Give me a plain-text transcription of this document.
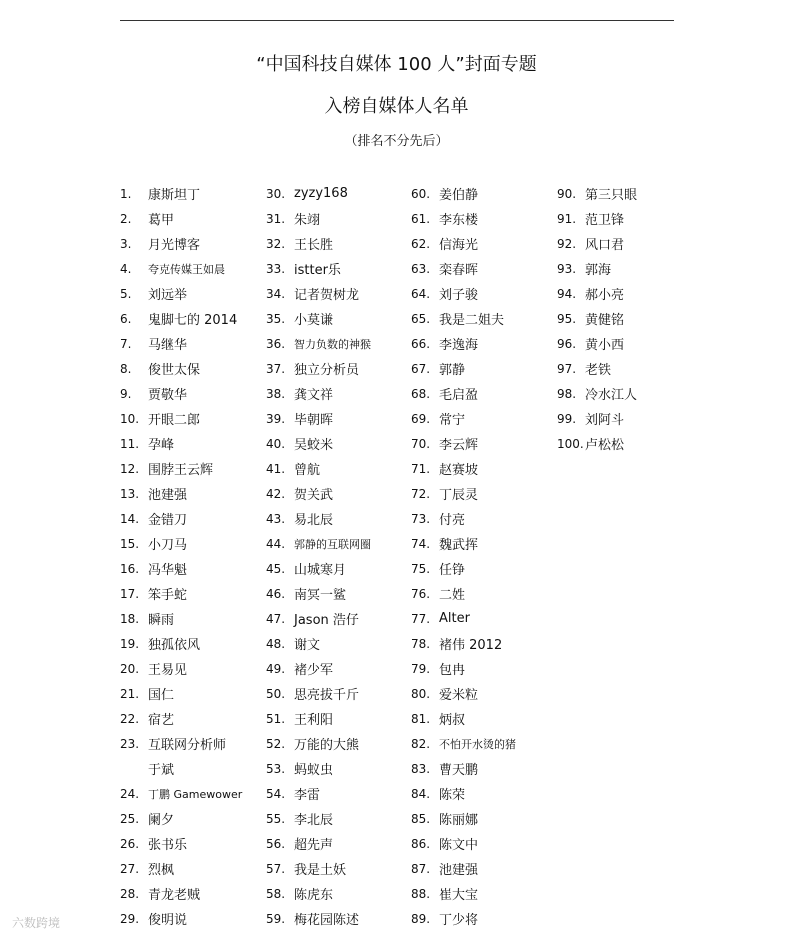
“中国科技自媒体 100 人”封面专题
入榜自媒体人名单
（排名不分先后）
1.	康斯坦丁
2.	葛甲
3.	月光博客
4.	夸克传媒王如晨
5.	刘远举
6.	鬼脚七的 2014
7.	马继华
8.	俊世太保
9.	贾敬华
10. 开眼二郎
11. 孕峰
12. 围脖王云辉
13. 池建强
14. 金错刀
15. 小刀马
16. 冯华魁
17. 笨手蛇
18. 瞬雨
19. 独孤依风
20. 王易见
21. 国仁
22. 宿艺
23. 互联网分析师
于斌
24. 丁鹏 Gamewower
25. 阑夕
26. 张书乐
27. 烈枫
28. 青龙老贼
29. 俊明说
30. zyzy168
31. 朱翊
32. 王长胜
33. istter乐
34. 记者贺树龙
35. 小莫谦
36. 智力负数的神猴
37. 独立分析员
38. 龚文祥
39. 毕朝晖
40. 吴蛟米
41. 曾航
42. 贺关武
43. 易北辰
44. 郭静的互联网圈
45. 山城寒月
46. 南冥一鲨
47. Jason 浩仔
48. 谢文
49. 褚少军
50. 思亮拔千斤
51. 王利阳
52. 万能的大熊
53. 蚂蚁虫
54. 李雷
55. 李北辰
56. 超先声
57. 我是土妖
58. 陈虎东
59. 梅花园陈述
60. 姜伯静
61. 李东楼
62. 信海光
63. 栾春晖
64. 刘子骏
65. 我是二姐夫
66. 李逸海
67. 郭静
68. 毛启盈
69. 常宁
70. 李云辉
71. 赵赛坡
72. 丁辰灵
73. 付亮
74. 魏武挥
75. 任铮
76. 二姓
77. Alter
78. 褚伟 2012
79. 包冉
80. 爱米粒
81. 炳叔
82. 不怕开水烫的猪
83. 曹天鹏
84. 陈荣
85. 陈丽娜
86. 陈文中
87. 池建强
88. 崔大宝
89. 丁少将
90. 第三只眼
91. 范卫锋
92. 风口君
93. 郭海
94. 郝小亮
95. 黄健铭
96. 黄小西
97. 老铁
98. 冷水江人
99. 刘阿斗
100. 卢松松
六数跨境
